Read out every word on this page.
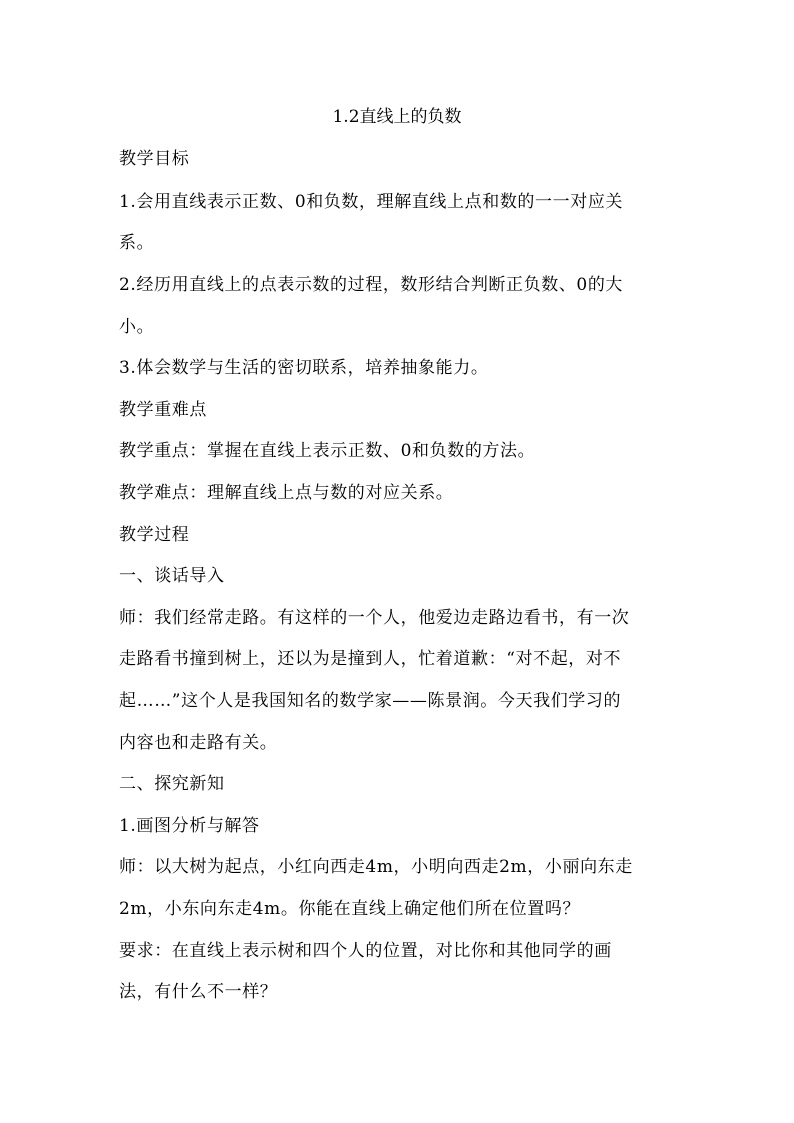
1.2直线上的负数
教学目标
1.会用直线表示正数、0和负数，理解直线上点和数的一一对应关
系。
2.经历用直线上的点表示数的过程，数形结合判断正负数、0的大
小。
3.体会数学与生活的密切联系，培养抽象能力。
教学重难点
教学重点：掌握在直线上表示正数、0和负数的方法。
教学难点：理解直线上点与数的对应关系。
教学过程
一、谈话导入
师：我们经常走路。有这样的一个人，他爱边走路边看书，有一次
走路看书撞到树上，还以为是撞到人，忙着道歉：“对不起，对不
起……”这个人是我国知名的数学家——陈景润。今天我们学习的
内容也和走路有关。
二、探究新知
1.画图分析与解答
师：以大树为起点，小红向西走4m，小明向西走2m，小丽向东走
2m，小东向东走4m。你能在直线上确定他们所在位置吗？
要求：在直线上表示树和四个人的位置，对比你和其他同学的画
法，有什么不一样？
